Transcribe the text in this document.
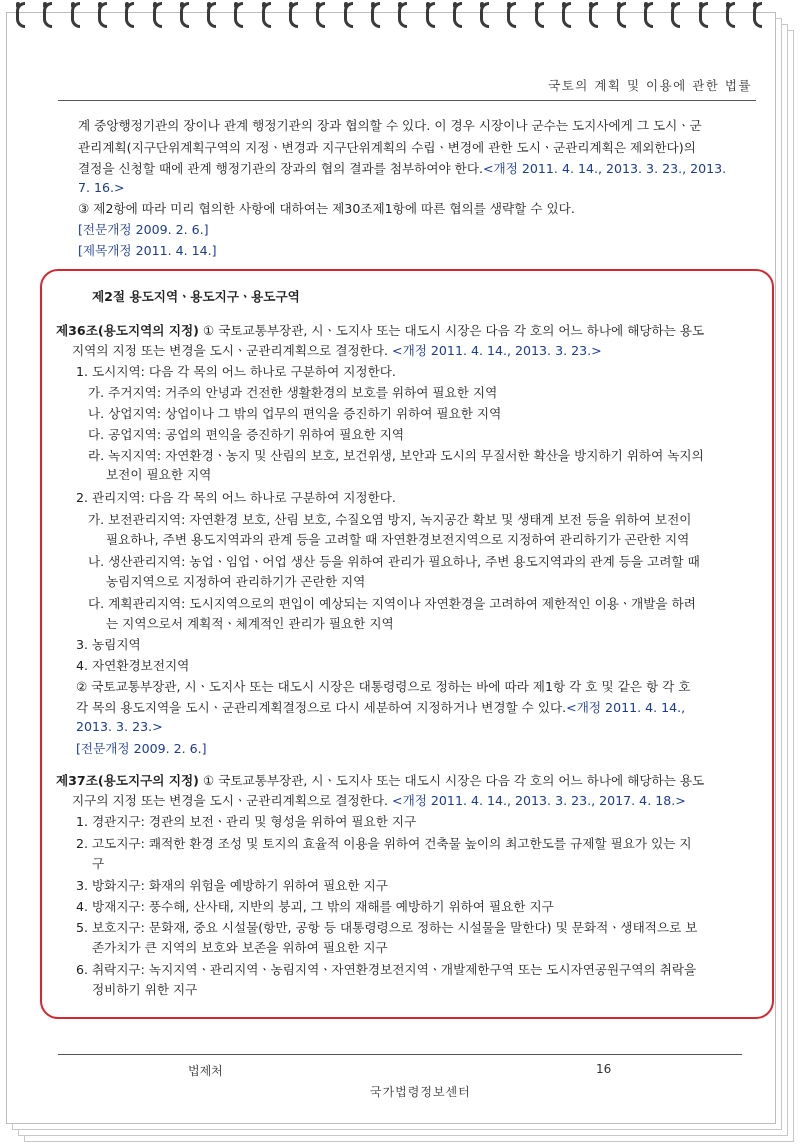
국토의 계획 및 이용에 관한 법률
계 중앙행정기관의 장이나 관계 행정기관의 장과 협의할 수 있다. 이 경우 시장이나 군수는 도지사에게 그 도시ㆍ군
관리계획(지구단위계획구역의 지정ㆍ변경과 지구단위계획의 수립ㆍ변경에 관한 도시ㆍ군관리계획은 제외한다)의
결정을 신청할 때에 관계 행정기관의 장과의 협의 결과를 첨부하여야 한다.<개정 2011. 4. 14., 2013. 3. 23., 2013.
7. 16.>
③ 제2항에 따라 미리 협의한 사항에 대하여는 제30조제1항에 따른 협의를 생략할 수 있다.
[전문개정 2009. 2. 6.]
[제목개정 2011. 4. 14.]
제2절 용도지역ㆍ용도지구ㆍ용도구역
제36조(용도지역의 지정) ① 국토교통부장관, 시ㆍ도지사 또는 대도시 시장은 다음 각 호의 어느 하나에 해당하는 용도
지역의 지정 또는 변경을 도시ㆍ군관리계획으로 결정한다. <개정 2011. 4. 14., 2013. 3. 23.>
1. 도시지역: 다음 각 목의 어느 하나로 구분하여 지정한다.
가. 주거지역: 거주의 안녕과 건전한 생활환경의 보호를 위하여 필요한 지역
나. 상업지역: 상업이나 그 밖의 업무의 편익을 증진하기 위하여 필요한 지역
다. 공업지역: 공업의 편익을 증진하기 위하여 필요한 지역
라. 녹지지역: 자연환경ㆍ농지 및 산림의 보호, 보건위생, 보안과 도시의 무질서한 확산을 방지하기 위하여 녹지의
보전이 필요한 지역
2. 관리지역: 다음 각 목의 어느 하나로 구분하여 지정한다.
가. 보전관리지역: 자연환경 보호, 산림 보호, 수질오염 방지, 녹지공간 확보 및 생태계 보전 등을 위하여 보전이
필요하나, 주변 용도지역과의 관계 등을 고려할 때 자연환경보전지역으로 지정하여 관리하기가 곤란한 지역
나. 생산관리지역: 농업ㆍ임업ㆍ어업 생산 등을 위하여 관리가 필요하나, 주변 용도지역과의 관계 등을 고려할 때
농림지역으로 지정하여 관리하기가 곤란한 지역
다. 계획관리지역: 도시지역으로의 편입이 예상되는 지역이나 자연환경을 고려하여 제한적인 이용ㆍ개발을 하려
는 지역으로서 계획적ㆍ체계적인 관리가 필요한 지역
3. 농림지역
4. 자연환경보전지역
② 국토교통부장관, 시ㆍ도지사 또는 대도시 시장은 대통령령으로 정하는 바에 따라 제1항 각 호 및 같은 항 각 호
각 목의 용도지역을 도시ㆍ군관리계획결정으로 다시 세분하여 지정하거나 변경할 수 있다.<개정 2011. 4. 14.,
2013. 3. 23.>
[전문개정 2009. 2. 6.]
제37조(용도지구의 지정) ① 국토교통부장관, 시ㆍ도지사 또는 대도시 시장은 다음 각 호의 어느 하나에 해당하는 용도
지구의 지정 또는 변경을 도시ㆍ군관리계획으로 결정한다. <개정 2011. 4. 14., 2013. 3. 23., 2017. 4. 18.>
1. 경관지구: 경관의 보전ㆍ관리 및 형성을 위하여 필요한 지구
2. 고도지구: 쾌적한 환경 조성 및 토지의 효율적 이용을 위하여 건축물 높이의 최고한도를 규제할 필요가 있는 지
구
3. 방화지구: 화재의 위험을 예방하기 위하여 필요한 지구
4. 방재지구: 풍수해, 산사태, 지반의 붕괴, 그 밖의 재해를 예방하기 위하여 필요한 지구
5. 보호지구: 문화재, 중요 시설물(항만, 공항 등 대통령령으로 정하는 시설물을 말한다) 및 문화적ㆍ생태적으로 보
존가치가 큰 지역의 보호와 보존을 위하여 필요한 지구
6. 취락지구: 녹지지역ㆍ관리지역ㆍ농림지역ㆍ자연환경보전지역ㆍ개발제한구역 또는 도시자연공원구역의 취락을
정비하기 위한 지구
법제처	16
국가법령정보센터
